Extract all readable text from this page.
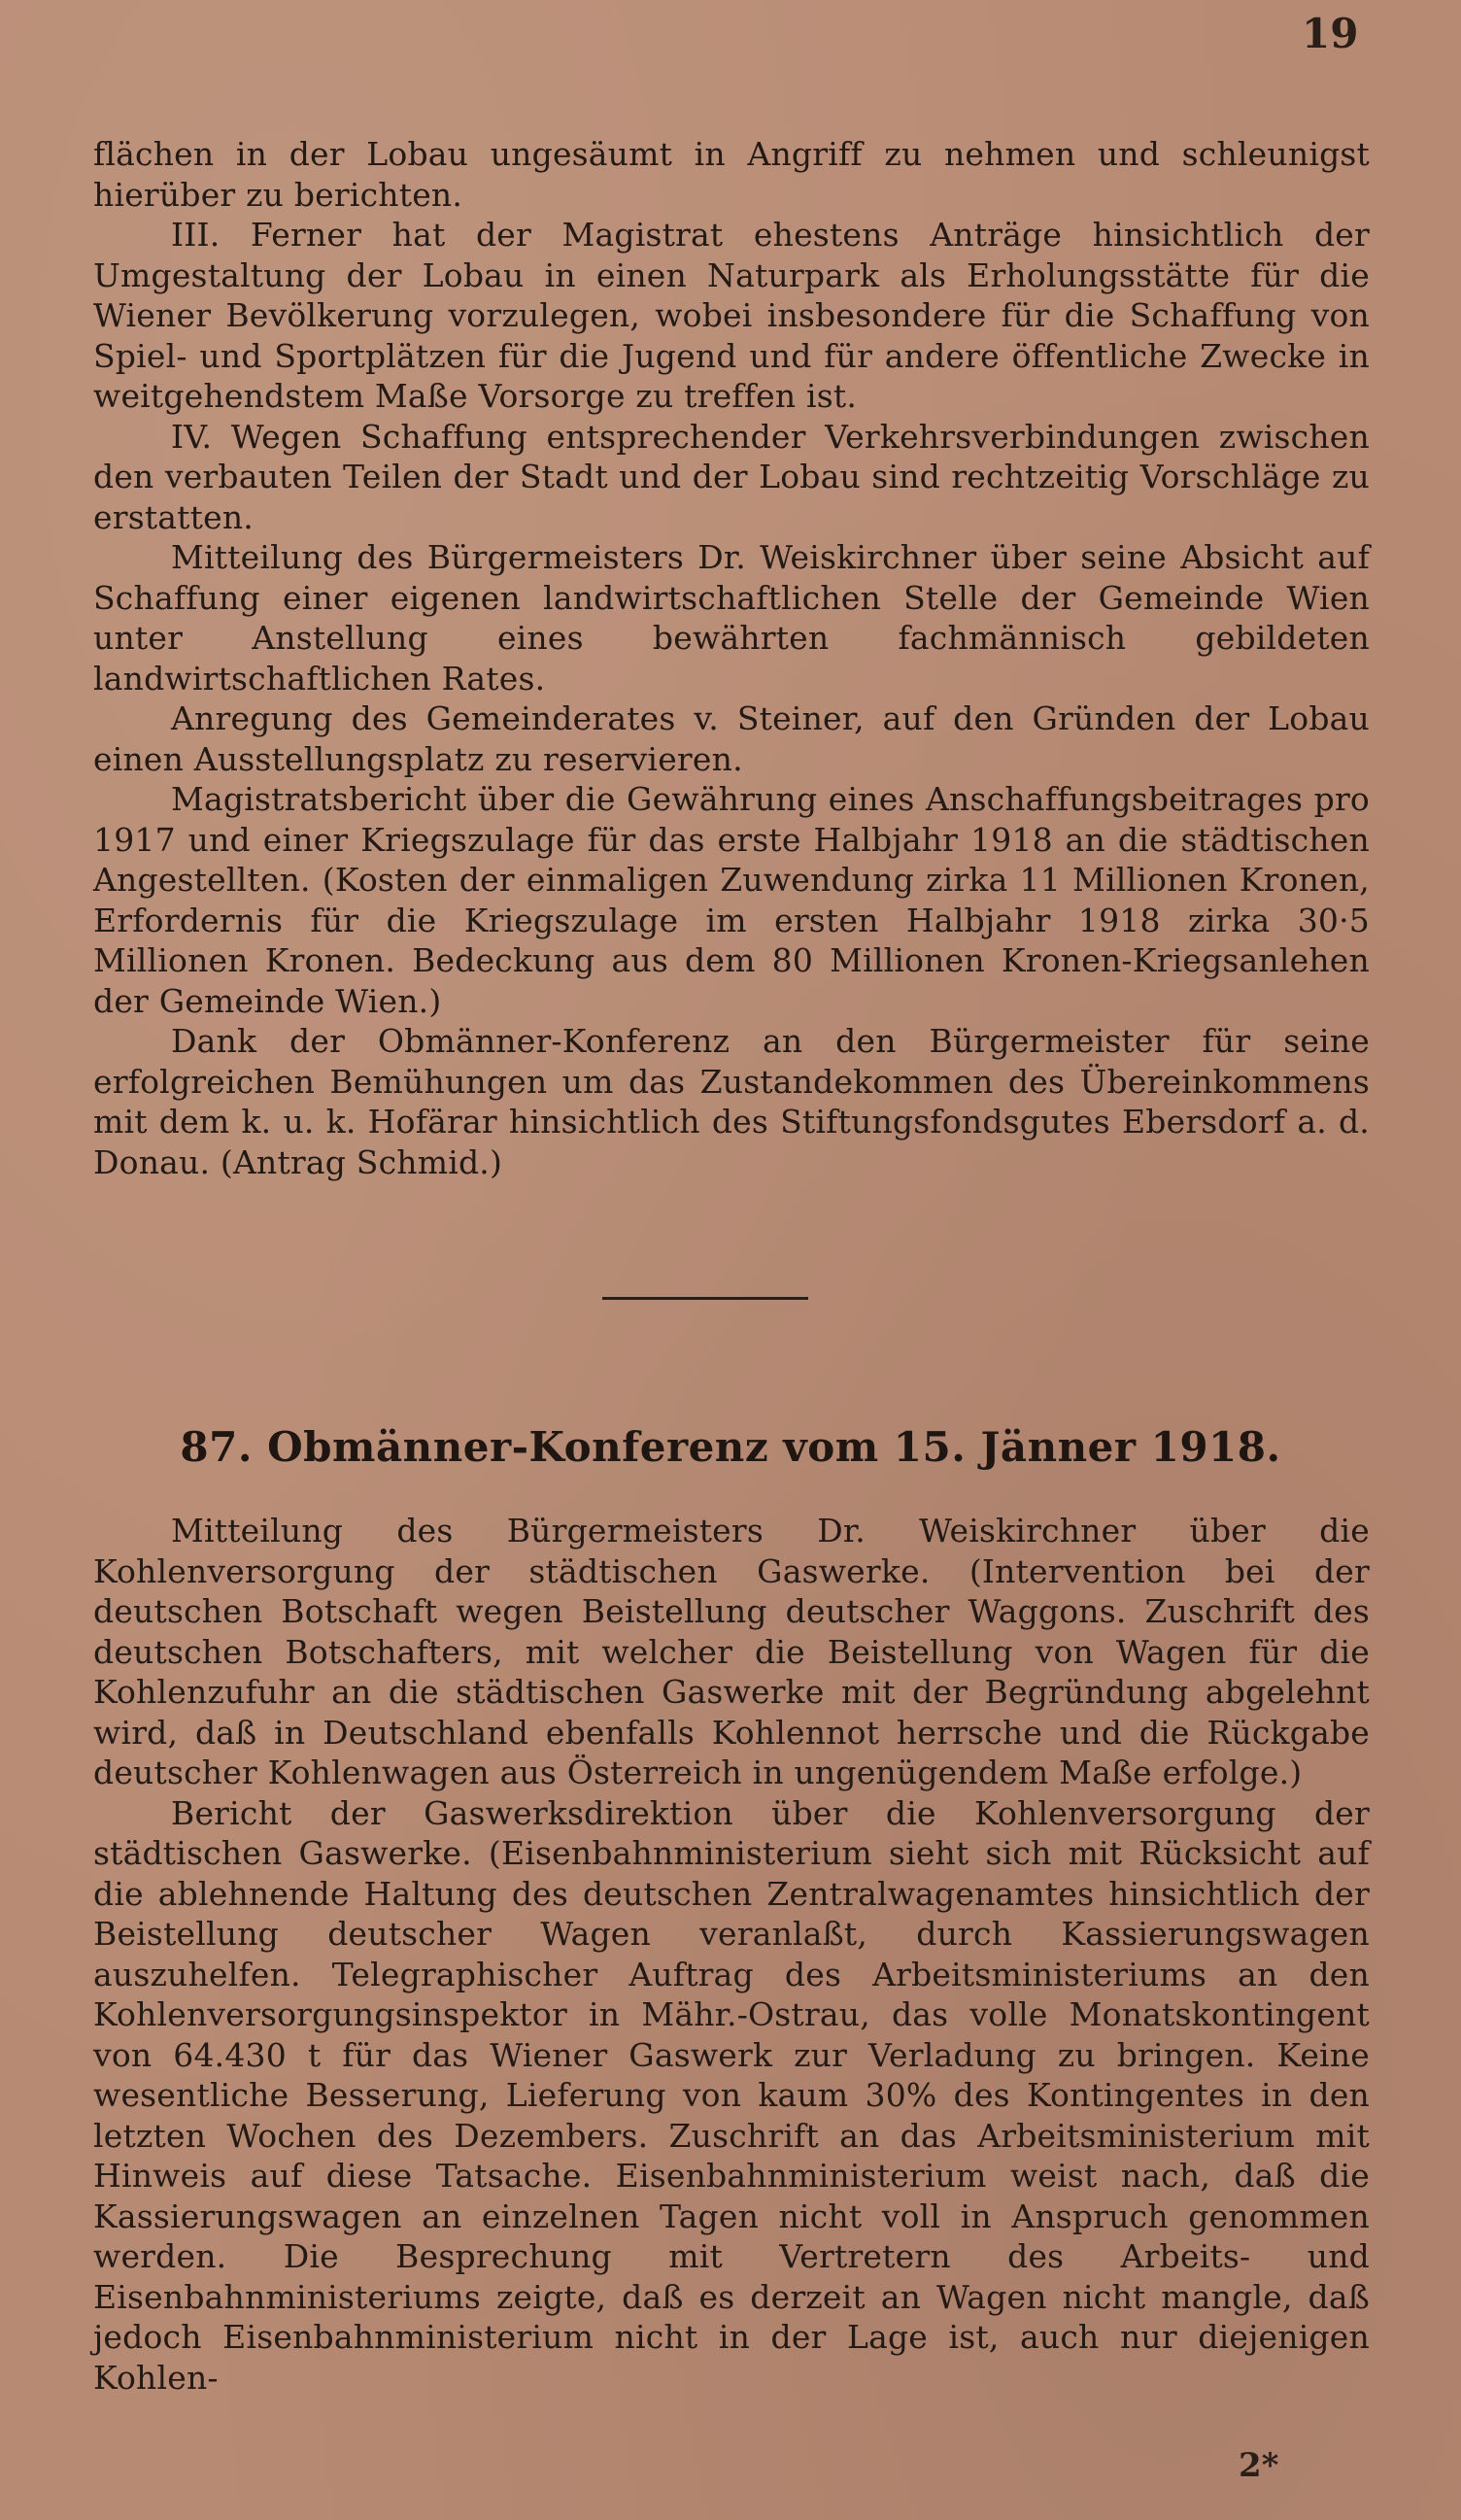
19

flächen in der Lobau ungesäumt in Angriff zu nehmen und schleunigst hierüber zu berichten.

III. Ferner hat der Magistrat ehestens Anträge hinsichtlich der Umgestaltung der Lobau in einen Naturpark als Erholungsstätte für die Wiener Bevölkerung vorzulegen, wobei insbesondere für die Schaffung von Spiel- und Sportplätzen für die Jugend und für andere öffentliche Zwecke in weitgehendstem Maße Vorsorge zu treffen ist.

IV. Wegen Schaffung entsprechender Verkehrsverbindungen zwischen den verbauten Teilen der Stadt und der Lobau sind rechtzeitig Vorschläge zu erstatten.

Mitteilung des Bürgermeisters Dr. Weiskirchner über seine Absicht auf Schaffung einer eigenen landwirtschaftlichen Stelle der Gemeinde Wien unter Anstellung eines bewährten fachmännisch gebildeten landwirtschaftlichen Rates.

Anregung des Gemeinderates v. Steiner, auf den Gründen der Lobau einen Ausstellungsplatz zu reservieren.

Magistratsbericht über die Gewährung eines Anschaffungsbeitrages pro 1917 und einer Kriegszulage für das erste Halbjahr 1918 an die städtischen Angestellten. (Kosten der einmaligen Zuwendung zirka 11 Millionen Kronen, Erfordernis für die Kriegszulage im ersten Halbjahr 1918 zirka 30·5 Millionen Kronen. Bedeckung aus dem 80 Millionen Kronen-Kriegsanlehen der Gemeinde Wien.)

Dank der Obmänner-Konferenz an den Bürgermeister für seine erfolgreichen Bemühungen um das Zustandekommen des Übereinkommens mit dem k. u. k. Hofärar hinsichtlich des Stiftungsfondsgutes Ebersdorf a. d. Donau. (Antrag Schmid.)

87. Obmänner-Konferenz vom 15. Jänner 1918.

Mitteilung des Bürgermeisters Dr. Weiskirchner über die Kohlenversorgung der städtischen Gaswerke. (Intervention bei der deutschen Botschaft wegen Beistellung deutscher Waggons. Zuschrift des deutschen Botschafters, mit welcher die Beistellung von Wagen für die Kohlenzufuhr an die städtischen Gaswerke mit der Begründung abgelehnt wird, daß in Deutschland ebenfalls Kohlennot herrsche und die Rückgabe deutscher Kohlenwagen aus Österreich in ungenügendem Maße erfolge.)

Bericht der Gaswerksdirektion über die Kohlenversorgung der städtischen Gaswerke. (Eisenbahnministerium sieht sich mit Rücksicht auf die ablehnende Haltung des deutschen Zentralwagenamtes hinsichtlich der Beistellung deutscher Wagen veranlaßt, durch Kassierungswagen auszuhelfen. Telegraphischer Auftrag des Arbeitsministeriums an den Kohlenversorgungsinspektor in Mähr.-Ostrau, das volle Monatskontingent von 64.430 t für das Wiener Gaswerk zur Verladung zu bringen. Keine wesentliche Besserung, Lieferung von kaum 30% des Kontingentes in den letzten Wochen des Dezembers. Zuschrift an das Arbeitsministerium mit Hinweis auf diese Tatsache. Eisenbahnministerium weist nach, daß die Kassierungswagen an einzelnen Tagen nicht voll in Anspruch genommen werden. Die Besprechung mit Vertretern des Arbeits- und Eisenbahnministeriums zeigte, daß es derzeit an Wagen nicht mangle, daß jedoch Eisenbahnministerium nicht in der Lage ist, auch nur diejenigen Kohlen-

2*
